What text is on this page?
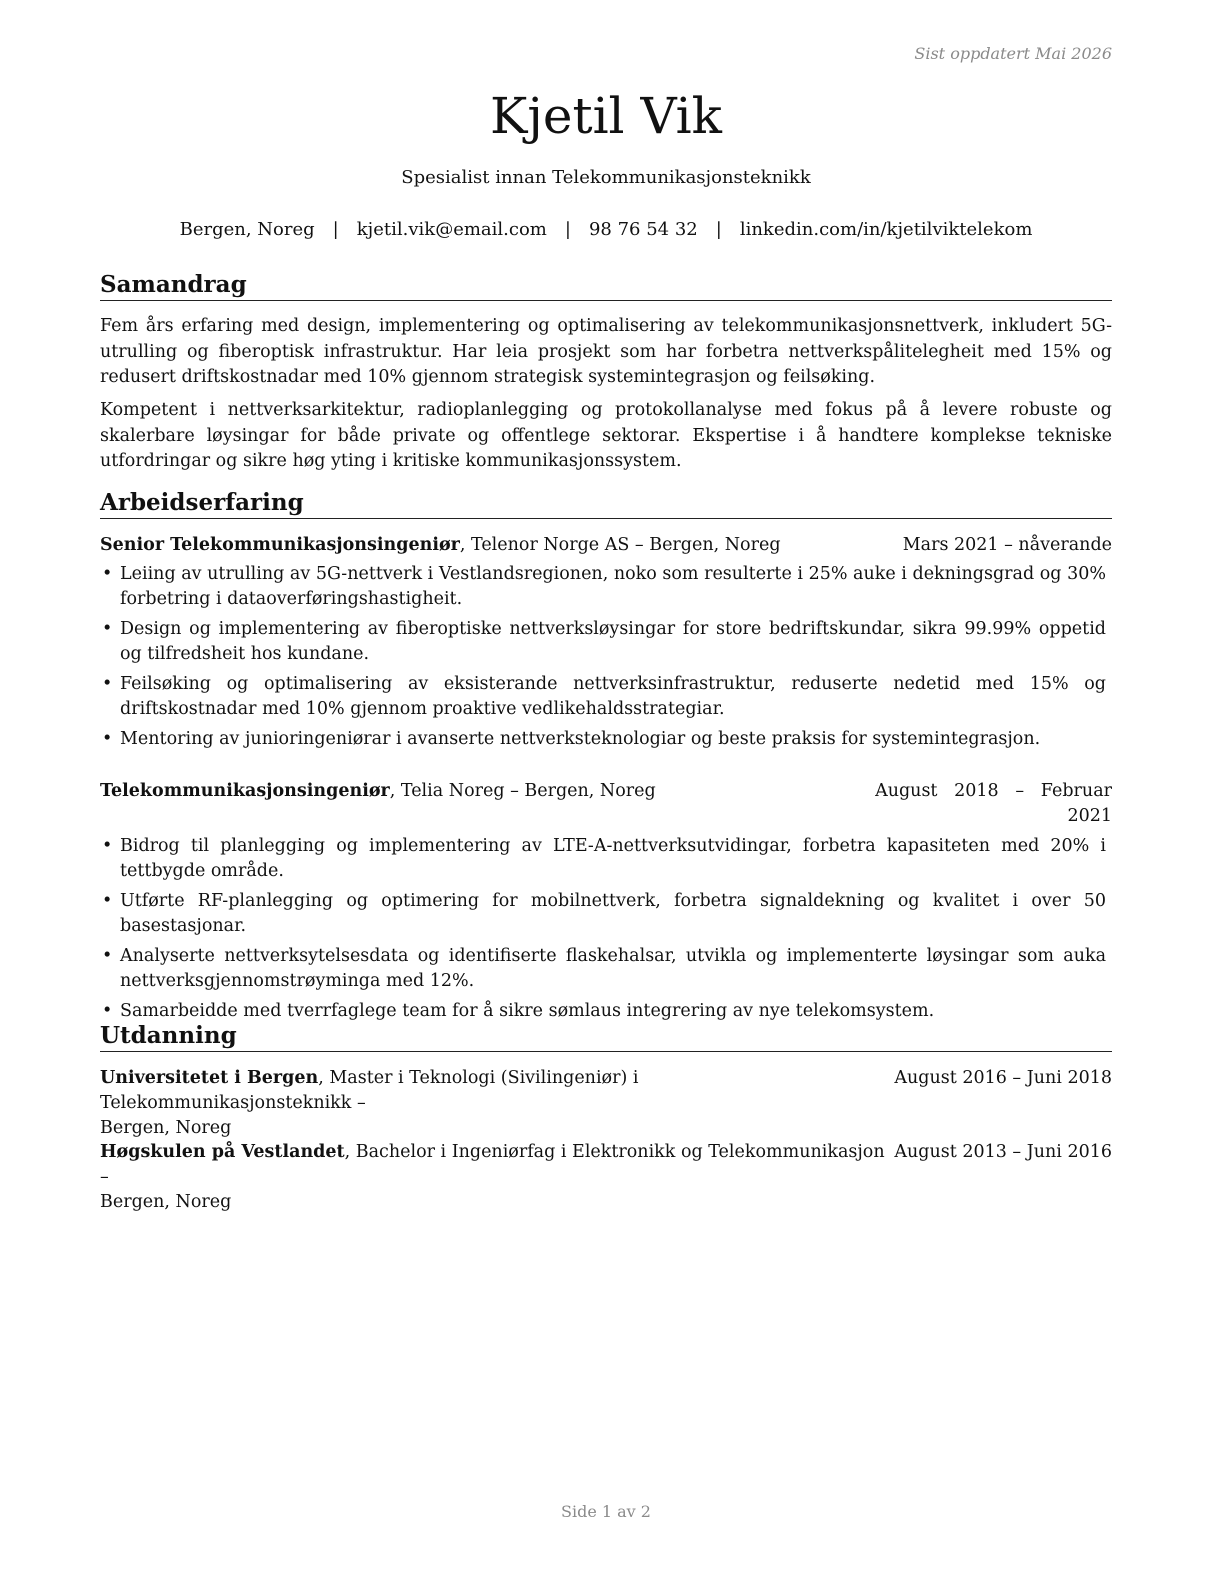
Sist oppdatert Mai 2026
Kjetil Vik
Spesialist innan Telekommunikasjonsteknikk
Bergen, Noreg | kjetil.vik@email.com | 98 76 54 32 | linkedin.com/in/kjetilviktelekom
Samandrag
Fem års erfaring med design, implementering og optimalisering av telekommunikasjonsnettverk, inkludert 5G-utrulling og fiberoptisk infrastruktur. Har leia prosjekt som har forbetra nettverkspålitelegheit med 15% og redusert driftskostnadar med 10% gjennom strategisk systemintegrasjon og feilsøking.
Kompetent i nettverksarkitektur, radioplanlegging og protokollanalyse med fokus på å levere robuste og skalerbare løysingar for både private og offentlege sektorar. Ekspertise i å handtere komplekse tekniske utfordringar og sikre høg yting i kritiske kommunikasjonssystem.
Arbeidserfaring
Senior Telekommunikasjonsingeniør, Telenor Norge AS – Bergen, Noreg	Mars 2021 – nåverande
• Leiing av utrulling av 5G-nettverk i Vestlandsregionen, noko som resulterte i 25% auke i dekningsgrad og 30% forbetring i dataoverføringshastigheit.
• Design og implementering av fiberoptiske nettverksløysingar for store bedriftskundar, sikra 99.99% oppetid og tilfredsheit hos kundane.
• Feilsøking og optimalisering av eksisterande nettverksinfrastruktur, reduserte nedetid med 15% og driftskostnadar med 10% gjennom proaktive vedlikehaldsstrategiar.
• Mentoring av junioringeniørar i avanserte nettverksteknologiar og beste praksis for systemintegrasjon.
Telekommunikasjonsingeniør, Telia Noreg – Bergen, Noreg	August   2018   –   Februar
2021
• Bidrog til planlegging og implementering av LTE-A-nettverksutvidingar, forbetra kapasiteten med 20% i tettbygde område.
• Utførte RF-planlegging og optimering for mobilnettverk, forbetra signaldekning og kvalitet i over 50 basestasjonar.
• Analyserte nettverksytelsesdata og identifiserte flaskehalsar, utvikla og implementerte løysingar som auka nettverksgjennomstrøyminga med 12%.
• Samarbeidde med tverrfaglege team for å sikre sømlaus integrering av nye telekomsystem.
Utdanning
Universitetet i Bergen, Master i Teknologi (Sivilingeniør) i Telekommunikasjonsteknikk –
Bergen, Noreg
August 2016 – Juni 2018
Høgskulen på Vestlandet, Bachelor i Ingeniørfag i Elektronikk og Telekommunikasjon –
Bergen, Noreg
August 2013 – Juni 2016
Side 1 av 2
